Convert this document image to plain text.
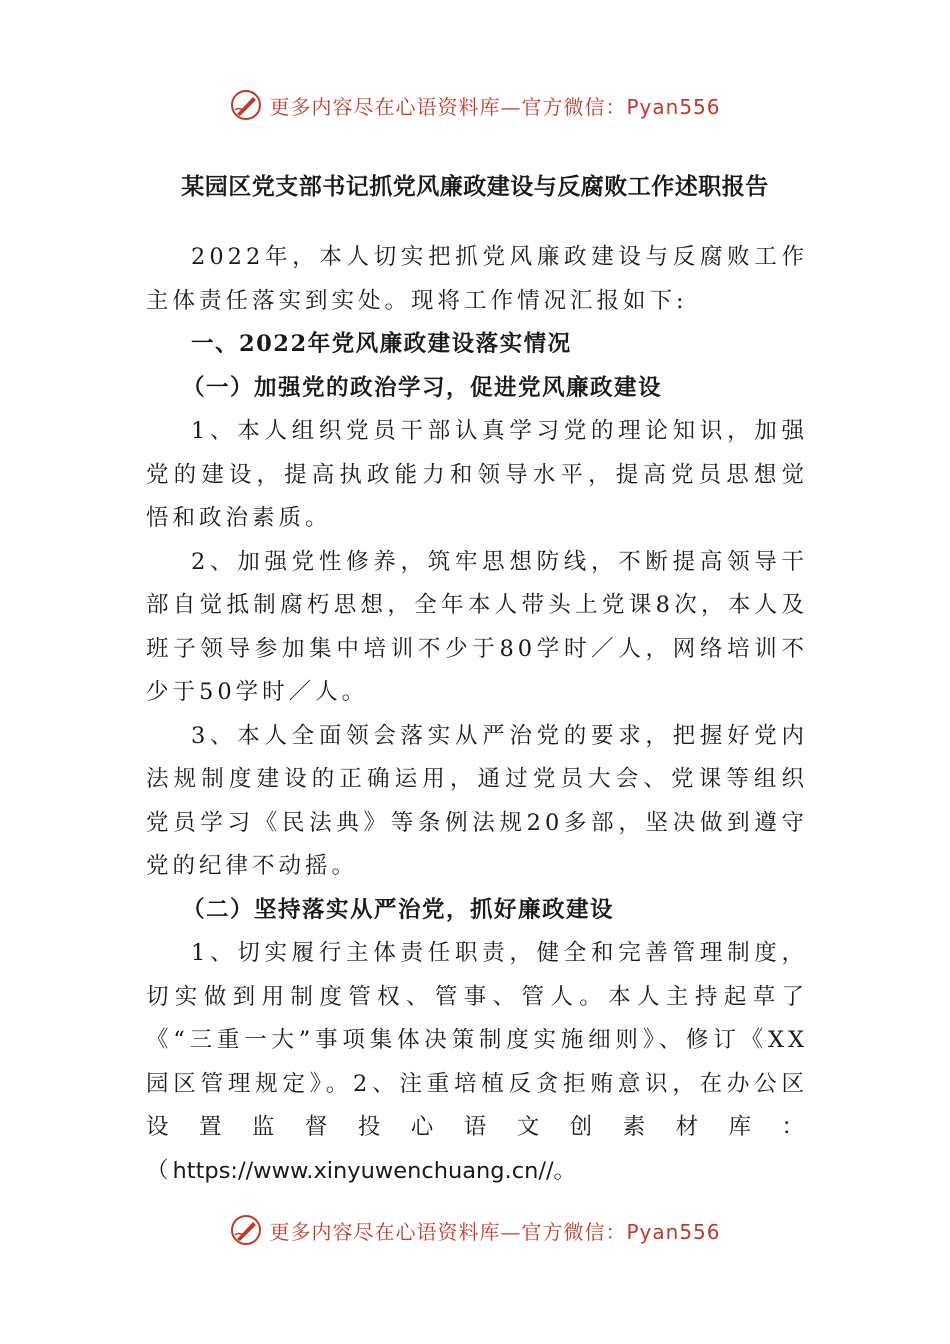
更多内容尽在心语资料库—官方微信：Pyan556
某园区党支部书记抓党风廉政建设与反腐败工作述职报告

2022年，本人切实把抓党风廉政建设与反腐败工作主体责任落实到实处。现将工作情况汇报如下:

一、2022年党风廉政建设落实情况

（一）加强党的政治学习，促进党风廉政建设

1、本人组织党员干部认真学习党的理论知识，加强党的建设，提高执政能力和领导水平，提高党员思想觉悟和政治素质。

2、加强党性修养，筑牢思想防线，不断提高领导干部自觉抵制腐朽思想，全年本人带头上党课8次，本人及班子领导参加集中培训不少于80学时／人，网络培训不少于50学时／人。

3、本人全面领会落实从严治党的要求，把握好党内法规制度建设的正确运用，通过党员大会、党课等组织党员学习《民法典》等条例法规20多部，坚决做到遵守党的纪律不动摇。

（二）坚持落实从严治党，抓好廉政建设

1、切实履行主体责任职责，健全和完善管理制度，切实做到用制度管权、管事、管人。本人主持起草了《“三重一大”事项集体决策制度实施细则》、修订《XX园区管理规定》。2、注重培植反贪拒贿意识，在办公区设置监督投心语文创素材库：（https://www.xinyuwenchuang.cn//。

更多内容尽在心语资料库—官方微信：Pyan556
